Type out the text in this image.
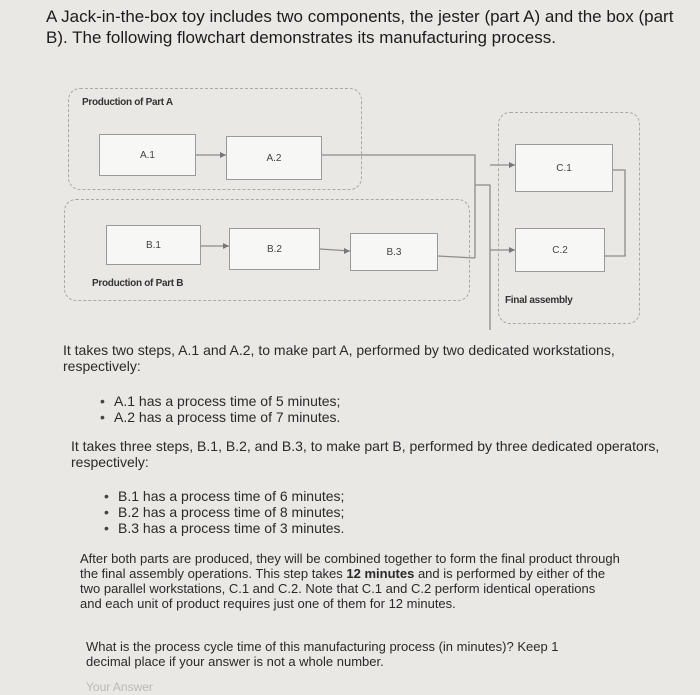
A Jack-in-the-box toy includes two components, the jester (part A) and the box (part B). The following flowchart demonstrates its manufacturing process.

Production of Part A
Production of Part B
Final assembly
A.1	A.2
B.1	B.2	B.3
C.1
C.2

It takes two steps, A.1 and A.2, to make part A, performed by two dedicated workstations, respectively:

• A.1 has a process time of 5 minutes;
• A.2 has a process time of 7 minutes.

It takes three steps, B.1, B.2, and B.3, to make part B, performed by three dedicated operators, respectively:

• B.1 has a process time of 6 minutes;
• B.2 has a process time of 8 minutes;
• B.3 has a process time of 3 minutes.

After both parts are produced, they will be combined together to form the final product through the final assembly operations. This step takes 12 minutes and is performed by either of the two parallel workstations, C.1 and C.2. Note that C.1 and C.2 perform identical operations and each unit of product requires just one of them for 12 minutes.

What is the process cycle time of this manufacturing process (in minutes)? Keep 1 decimal place if your answer is not a whole number.

Your Answer
